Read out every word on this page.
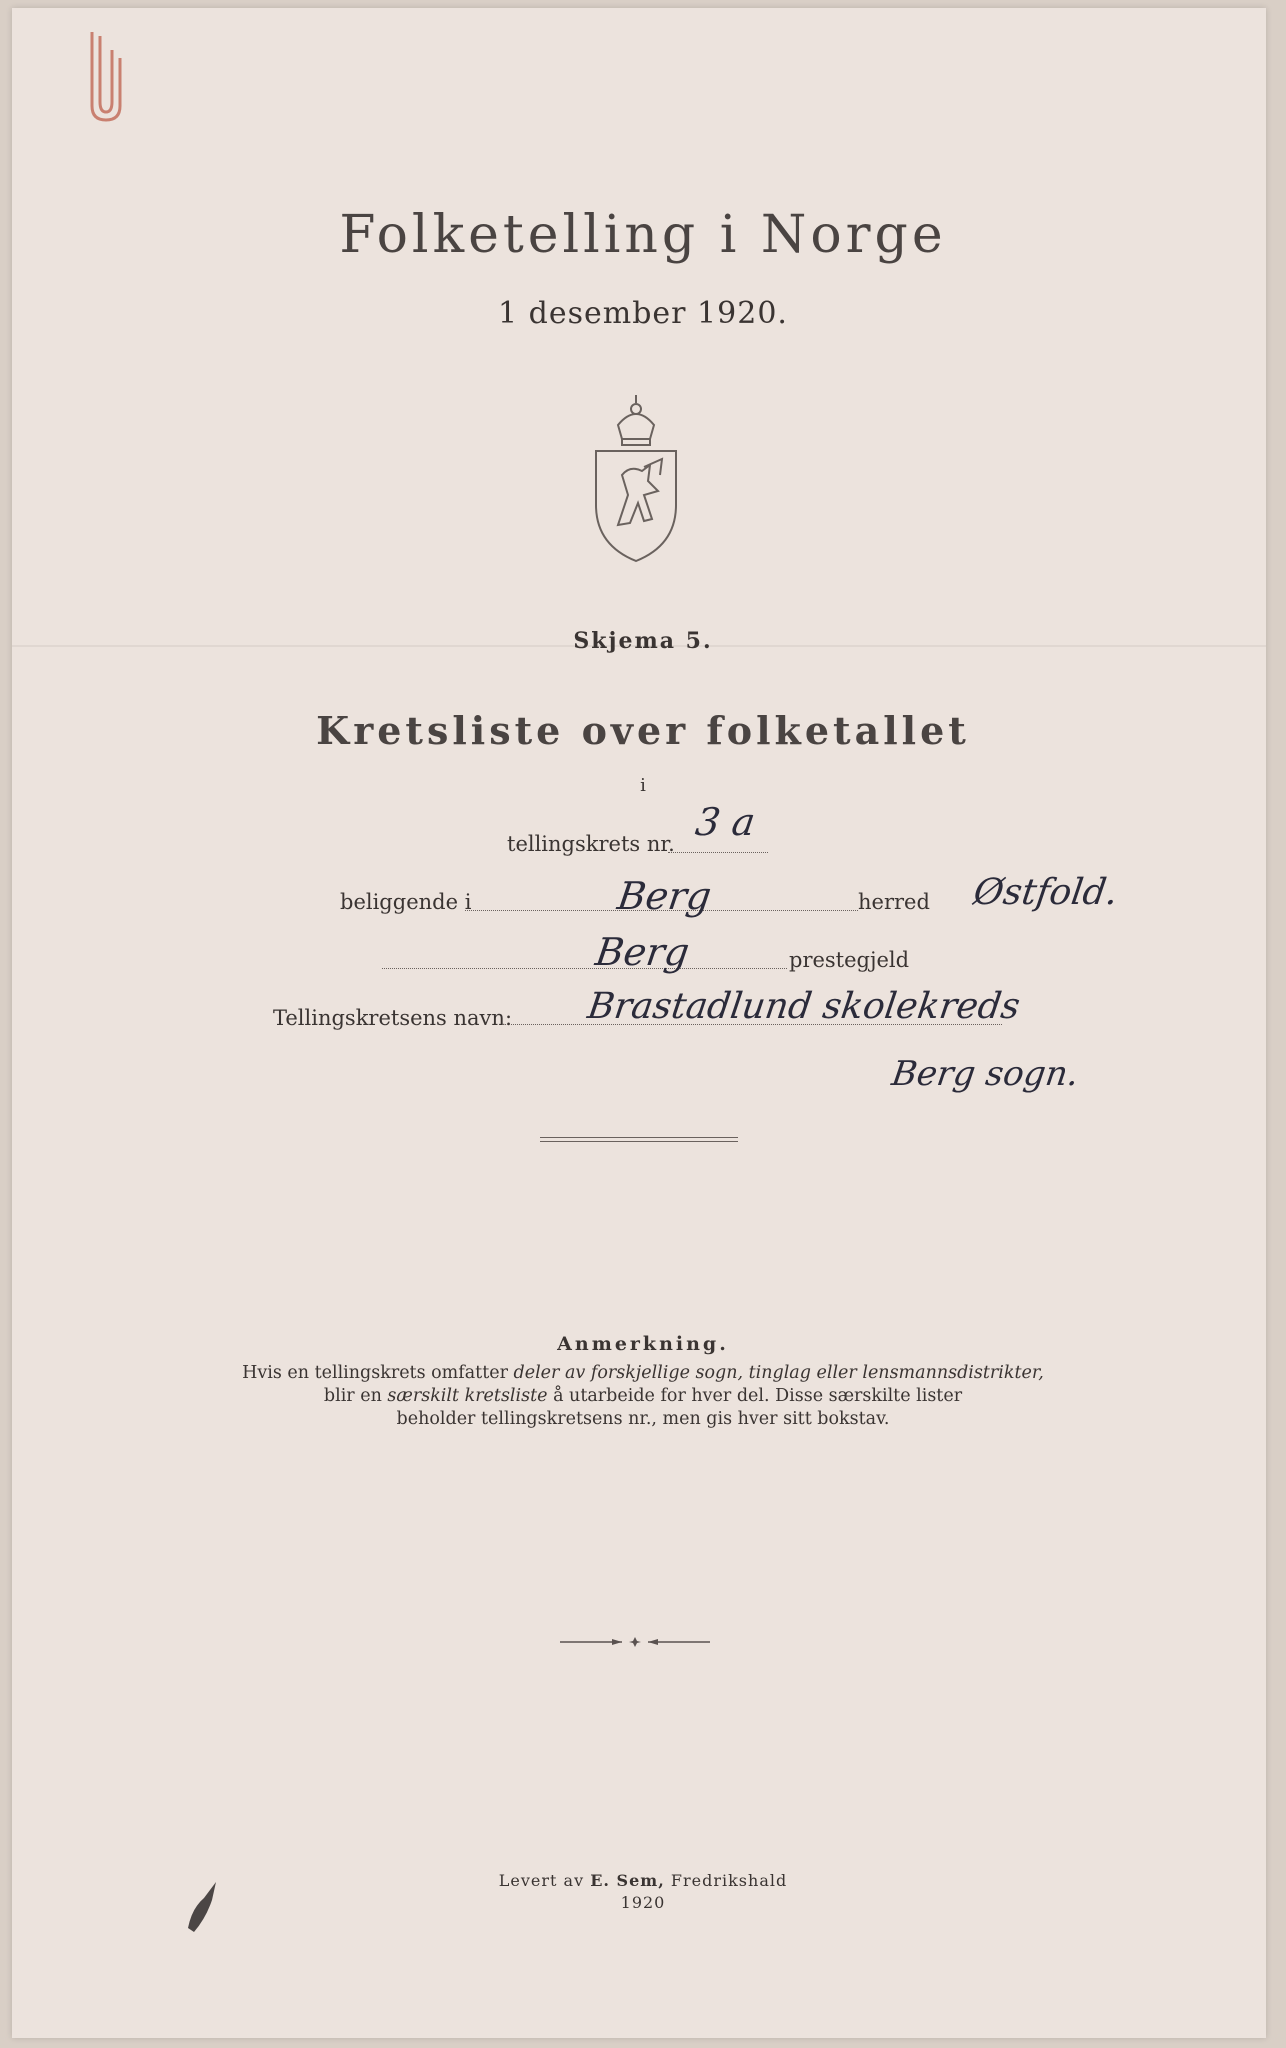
Folketelling i Norge
1 desember 1920.
Skjema 5.
Kretsliste over folketallet
i
tellingskrets nr. 3 a
beliggende i	Berg	herred Østfold.
Berg	prestegjeld
Tellingskretsens navn: Brastadlund skolekreds
Berg sogn.
Anmerkning.
Hvis en tellingskrets omfatter deler av forskjellige sogn, tinglag eller lensmannsdistrikter,
blir en særskilt kretsliste å utarbeide for hver del. Disse særskilte lister
beholder tellingskretsens nr., men gis hver sitt bokstav.
Levert av E. Sem, Fredrikshald
1920
